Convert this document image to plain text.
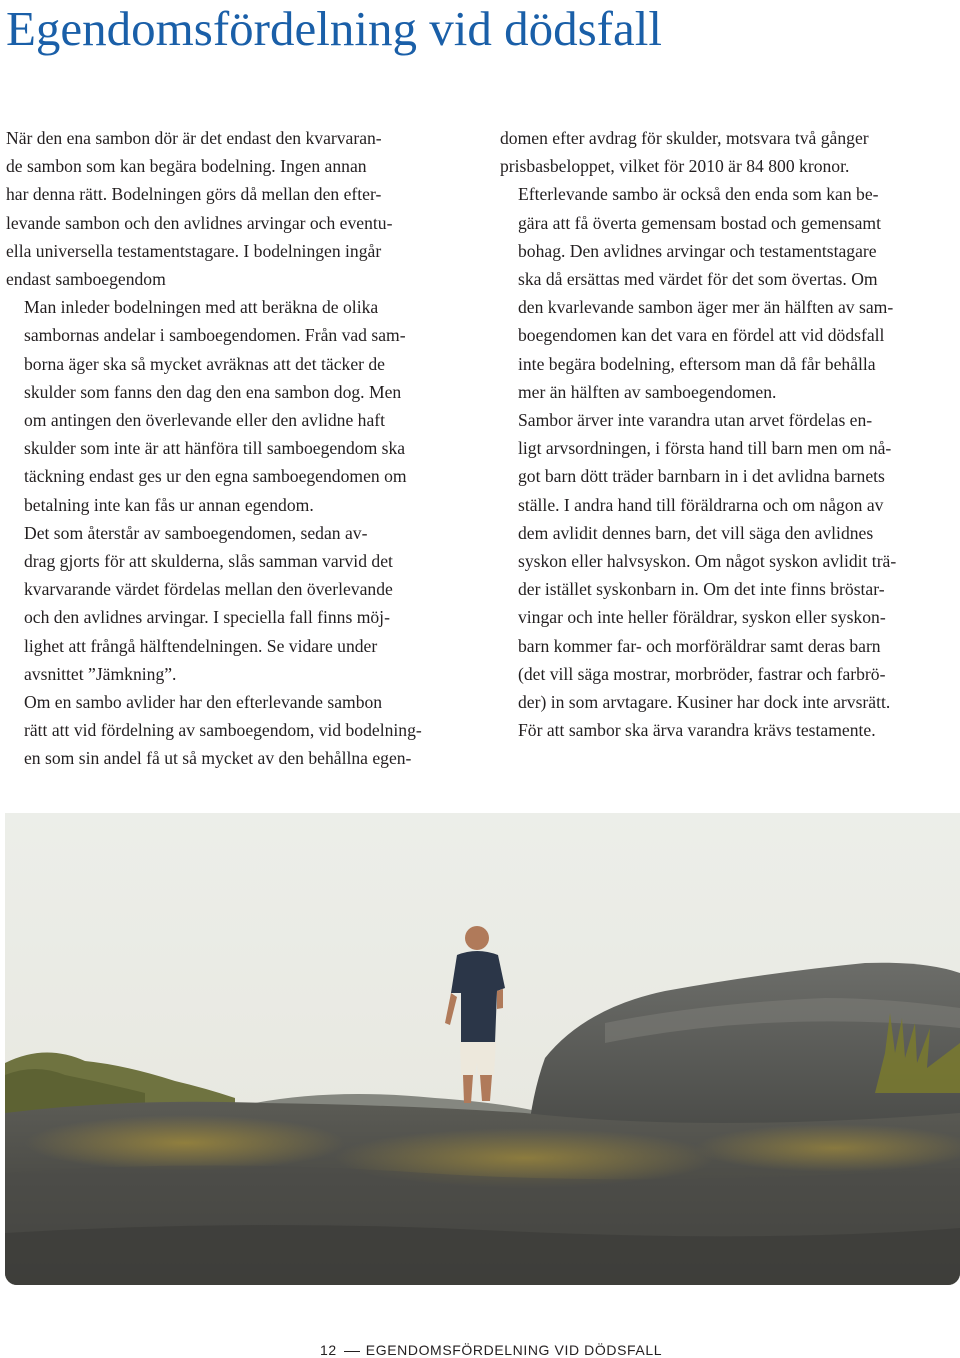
Egendomsfördelning vid dödsfall

När den ena sambon dör är det endast den kvarvaran-
de sambon som kan begära bodelning. Ingen annan
har denna rätt. Bodelningen görs då mellan den efter-
levande sambon och den avlidnes arvingar och eventu-
ella universella testamentstagare. I bodelningen ingår
endast samboegendom

Man inleder bodelningen med att beräkna de olika
sambornas andelar i samboegendomen. Från vad sam-
borna äger ska så mycket avräknas att det täcker de
skulder som fanns den dag den ena sambon dog. Men
om antingen den överlevande eller den avlidne haft
skulder som inte är att hänföra till samboegendom ska
täckning endast ges ur den egna samboegendomen om
betalning inte kan fås ur annan egendom.

Det som återstår av samboegendomen, sedan av-
drag gjorts för att skulderna, slås samman varvid det
kvarvarande värdet fördelas mellan den överlevande
och den avlidnes arvingar. I speciella fall finns möj-
lighet att frångå hälftendelningen. Se vidare under
avsnittet ”Jämkning”.

Om en sambo avlider har den efterlevande sambon
rätt att vid fördelning av samboegendom, vid bodelning-
en som sin andel få ut så mycket av den behållna egen-

domen efter avdrag för skulder, motsvara två gånger
prisbasbeloppet, vilket för 2010 är 84 800 kronor.

Efterlevande sambo är också den enda som kan be-
gära att få överta gemensam bostad och gemensamt
bohag. Den avlidnes arvingar och testamentstagare
ska då ersättas med värdet för det som övertas. Om
den kvarlevande sambon äger mer än hälften av sam-
boegendomen kan det vara en fördel att vid dödsfall
inte begära bodelning, eftersom man då får behålla
mer än hälften av samboegendomen.

Sambor ärver inte varandra utan arvet fördelas en-
ligt arvsordningen, i första hand till barn men om nå-
got barn dött träder barnbarn in i det avlidna barnets
ställe. I andra hand till föräldrarna och om någon av
dem avlidit dennes barn, det vill säga den avlidnes
syskon eller halvsyskon. Om något syskon avlidit trä-
der istället syskonbarn in. Om det inte finns bröstar-
vingar och inte heller föräldrar, syskon eller syskon-
barn kommer far- och morföräldrar samt deras barn
(det vill säga mostrar, morbröder, fastrar och farbrö-
der) in som arvtagare. Kusiner har dock inte arvsrätt.
För att sambor ska ärva varandra krävs testamente.

12 EGENDOMSFÖRDELNING VID DÖDSFALL
